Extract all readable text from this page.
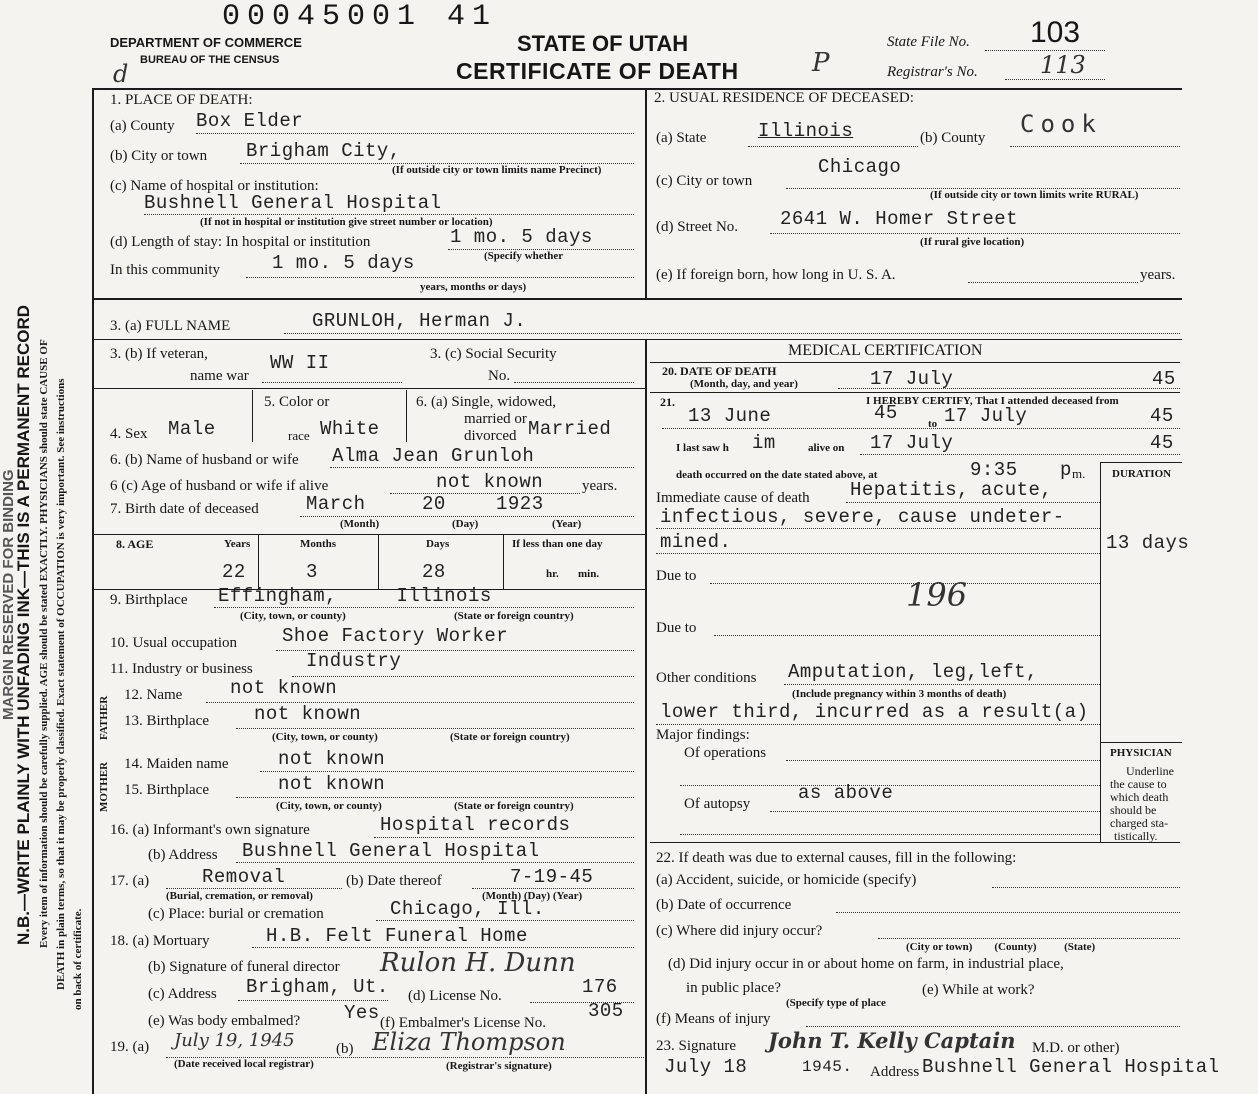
00045001 41
DEPARTMENT OF COMMERCE
BUREAU OF THE CENSUS
d
STATE OF UTAH
CERTIFICATE OF DEATH	P
State File No. 103
Registrar's No.	113
N.B.—WRITE PLAINLY WITH UNFADING INK—THIS IS A PERMANENT RECORD
MARGIN RESERVED FOR BINDING Every item of information should be carefully supplied. AGE should be stated EXACTLY. PHYSICIANS should state CAUSE OF DEATH in plain terms, so that it may be properly classified. Exact statement of OCCUPATION is very important. See instructions on back of certificate.
1. PLACE OF DEATH:
(a) County Box Elder
(b) City or town Brigham City,
(If outside city or town limits name Precinct)
(c) Name of hospital or institution:
Bushnell General Hospital
(If not in hospital or institution give street number or location)
(d) Length of stay: In hospital or institution	1 mo. 5 days
(Specify whether
In this community	1 mo. 5 days
years, months or days)
2. USUAL RESIDENCE OF DECEASED:
(a) State	Illinois	(b) County Cook
Chicago
(c) City or town
(If outside city or town limits write RURAL)
(d) Street No. 2641 W. Homer Street
(If rural give location)
(e) If foreign born, how long in U. S. A.	years.
3. (a) FULL NAME	GRUNLOH, Herman J.
3. (b) If veteran,
name war
WW II	3. (c) Social Security
No.
4. Sex Male
5. Color or
race White
6. (a) Single, widowed,
married or
divorced Married
6. (b) Name of husband or wife Alma Jean Grunloh
6 (c) Age of husband or wife if alive	not known	years.
7. Birth date of deceased March	20	1923
(Month)	(Day)	(Year)
8. AGE	Years	Months	Days	If less than one day
22	3	28	hr.       min.
9. Birthplace Effingham,     Illinois
(City, town, or county)	(State or foreign country)
10. Usual occupation Shoe Factory Worker
11. Industry or business	Industry
FATHER
MOTHER
12. Name	not known
13. Birthplace not known
(City, town, or county)	(State or foreign country)
14. Maiden name	not known
15. Birthplace	not known
(City, town, or county)	(State or foreign country)
16. (a) Informant's own signature	Hospital records
(b) Address Bushnell General Hospital
17. (a)	Removal
(Burial, cremation, or removal)
(b) Date thereof	7-19-45
(Month) (Day) (Year)
(c) Place: burial or cremation	Chicago, Ill.
18. (a) Mortuary	H.B. Felt Funeral Home
(b) Signature of funeral director Rulon H. Dunn
(c) Address Brigham, Ut. (d) License No.	176
(e) Was body embalmed? Yes (f) Embalmer's License No.
305
19. (a) July 19, 1945	(b) Eliza Thompson
(Date received local registrar)	(Registrar's signature)
MEDICAL CERTIFICATION
20. DATE OF DEATH
(Month, day, and year)	17 July	45
21.	I HEREBY CERTIFY, That I attended deceased from
13 June	45	to 17 July	45
I last saw h im	alive on 17 July	45
death occurred on the date stated above, at	9:35 p m. DURATION
Immediate cause of death Hepatitis, acute,
infectious, severe, cause undeter-
mined.	13 days
Due to	196
Due to
Other conditions Amputation, leg,left,
(Include pregnancy within 3 months of death)
lower third, incurred as a result(a)
Major findings:
Of operations
Of autopsy	as above
PHYSICIAN
Underline
the cause to
which death
should be
charged sta-
tistically.
22. If death was due to external causes, fill in the following:
(a) Accident, suicide, or homicide (specify)
(b) Date of occurrence
(c) Where did injury occur?
(City or town)        (County)          (State)
(d) Did injury occur in or about home on farm, in industrial place,
in public place?	(e) While at work?
(Specify type of place
(f) Means of injury
23. Signature John T. Kelly Captain M.D. or other)
July 18	1945. Address Bushnell General Hospital
